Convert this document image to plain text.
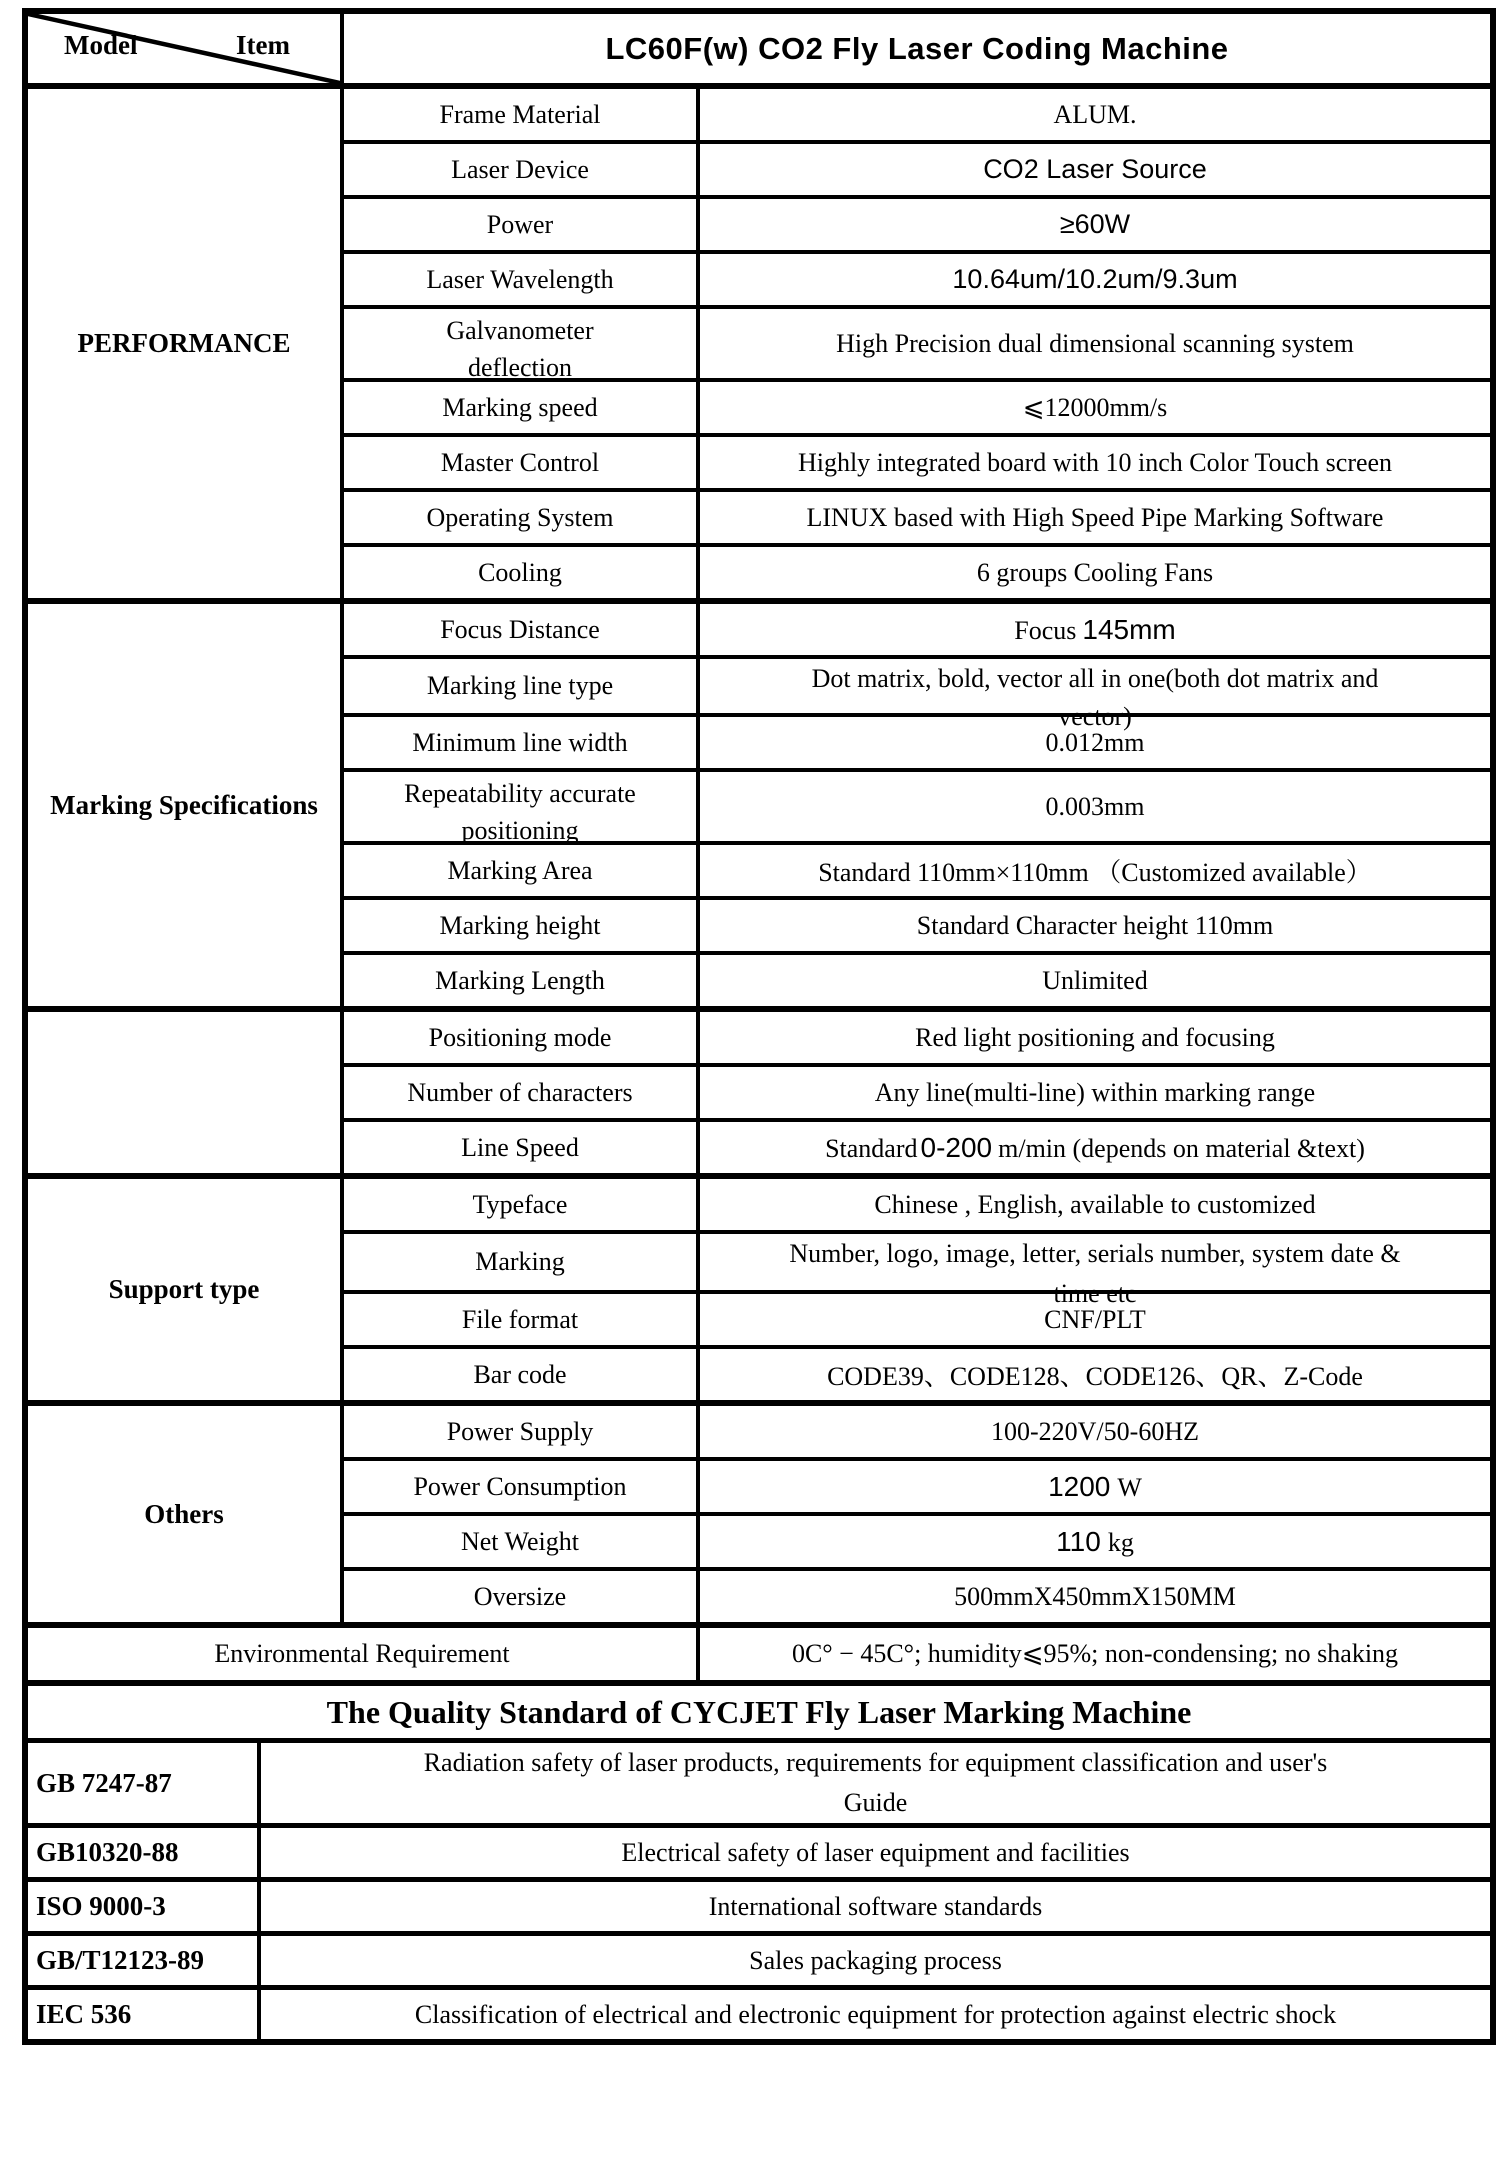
Model Item	LC60F(w) CO2 Fly Laser Coding Machine	
PERFORMANCE	Frame Material	ALUM.
	Laser Device	CO2 Laser Source
	Power	≥60W
	Laser Wavelength	10.64um/10.2um/9.3um

	Galvanometer deflection	High Precision dual dimensional scanning system
	Marking speed	⩽12000mm/s
	Master Control	Highly integrated board with 10 inch Color Touch screen
	Operating System	LINUX based with High Speed Pipe Marking Software
	Cooling	6 groups Cooling Fans
Marking Specifications	Focus Distance	Focus 145mm
	Marking line type	Dot matrix, bold, vector all in one(both dot matrix and
vector)

	Minimum line width	0.012mm

	Repeatability accurate positioning	0.003mm
	Marking Area	Standard 110mm×110mm （Customized available）
	Marking height	Standard Character height 110mm
	Marking Length	Unlimited
	Positioning mode	Red light positioning and focusing
	Number of characters	Any line(multi-line) within marking range
	Line Speed	Standard 0-200 m/min (depends on material &text)
Support type	Typeface	Chinese , English, available to customized
	Marking	Number, logo, image, letter, serials number, system date &
time etc

	File format	CNF/PLT
	Bar code	CODE39、CODE128、CODE126、QR、Z-Code
Others	Power Supply	100-220V/50-60HZ
	Power Consumption	1200 W
	Net Weight	110 kg
	Oversize	500mmX450mmX150MM
Environmental Requirement		0C° − 45C°; humidity⩽95%; non-condensing; no shaking
The Quality Standard of CYCJET Fly Laser Marking Machine	
GB 7247-87	Radiation safety of laser products, requirements for equipment classification and user's
Guide

GB10320-88	Electrical safety of laser equipment and facilities
ISO 9000-3	International software standards
GB/T12123-89	Sales packaging process
IEC 536	Classification of electrical and electronic equipment for protection against electric shock
